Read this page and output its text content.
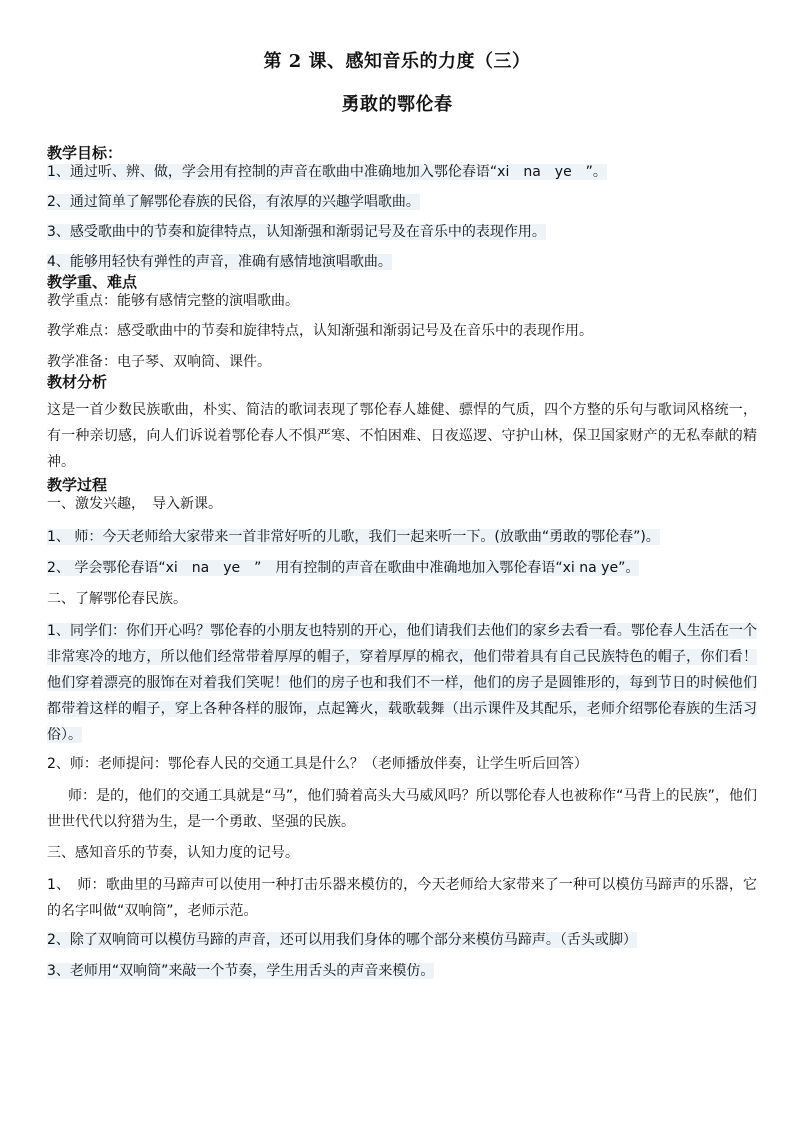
第 2 课、感知音乐的力度（三）
勇敢的鄂伦春

教学目标：

1、通过听、辨、做，学会用有控制的声音在歌曲中准确地加入鄂伦春语“xi　na　ye　”。

2、通过简单了解鄂伦春族的民俗，有浓厚的兴趣学唱歌曲。

3、感受歌曲中的节奏和旋律特点，认知渐强和渐弱记号及在音乐中的表现作用。

4、能够用轻快有弹性的声音，准确有感情地演唱歌曲。

教学重、难点

教学重点：能够有感情完整的演唱歌曲。

教学难点：感受歌曲中的节奏和旋律特点，认知渐强和渐弱记号及在音乐中的表现作用。

教学准备：电子琴、双响筒、课件。

教材分析

这是一首少数民族歌曲，朴实、简洁的歌词表现了鄂伦春人雄健、骠悍的气质，四个方整的乐句与歌词风格统一，有一种亲切感，向人们诉说着鄂伦春人不惧严寒、不怕困难、日夜巡逻、守护山林，保卫国家财产的无私奉献的精神。

教学过程

一、激发兴趣，　导入新课。

1、 师：今天老师给大家带来一首非常好听的儿歌，我们一起来听一下。(放歌曲“勇敢的鄂伦春”)。

2、 学会鄂伦春语“xi　na　ye　”　用有控制的声音在歌曲中准确地加入鄂伦春语“xi na ye”。

二、了解鄂伦春民族。

1、同学们：你们开心吗？鄂伦春的小朋友也特别的开心，他们请我们去他们的家乡去看一看。鄂伦春人生活在一个非常寒冷的地方，所以他们经常带着厚厚的帽子，穿着厚厚的棉衣，他们带着具有自己民族特色的帽子，你们看！他们穿着漂亮的服饰在对着我们笑呢！他们的房子也和我们不一样，他们的房子是圆锥形的，每到节日的时候他们都带着这样的帽子，穿上各种各样的服饰，点起篝火，载歌载舞（出示课件及其配乐，老师介绍鄂伦春族的生活习俗）。

2、师：老师提问：鄂伦春人民的交通工具是什么？（老师播放伴奏，让学生听后回答）

师：是的，他们的交通工具就是“马”，他们骑着高头大马威风吗？所以鄂伦春人也被称作“马背上的民族”，他们世世代代以狩猎为生，是一个勇敢、坚强的民族。

三、感知音乐的节奏，认知力度的记号。

1、　师：歌曲里的马蹄声可以使用一种打击乐器来模仿的，今天老师给大家带来了一种可以模仿马蹄声的乐器，它的名字叫做“双响筒”，老师示范。

2、除了双响筒可以模仿马蹄的声音，还可以用我们身体的哪个部分来模仿马蹄声。（舌头或脚）

3、老师用“双响筒”来敲一个节奏，学生用舌头的声音来模仿。
